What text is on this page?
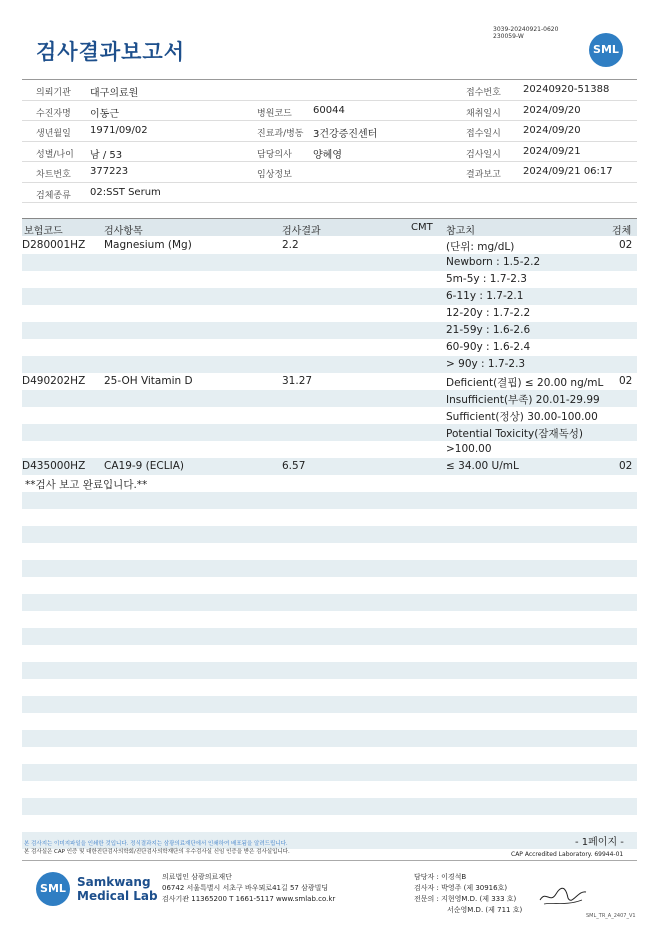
검사결과보고서
3039-20240921-0620
230059-W
SML
의뢰기관 대구의료원	접수번호 20240920-51388
수진자명 이동근	병원코드 60044	채취일시 2024/09/20
생년월일 1971/09/02	진료과/병동 3건강증진센터	접수일시 2024/09/20
성별/나이 남 / 53	담당의사 양혜영	검사일시 2024/09/21
차트번호 377223	임상정보	결과보고 2024/09/21 06:17
검체종류 02:SST Serum
보험코드	검사항목	검사결과	CMT 참고치	검체
D280001HZ Magnesium (Mg)	2.2	(단위: mg/dL)	02
Newborn : 1.5-2.2
5m-5y : 1.7-2.3
6-11y : 1.7-2.1
12-20y : 1.7-2.2
21-59y : 1.6-2.6
60-90y : 1.6-2.4
> 90y : 1.7-2.3
D490202HZ 25-OH Vitamin D	31.27	Deficient(결핍) ≤ 20.00 ng/mL 02
Insufficient(부족) 20.01-29.99
Sufficient(정상) 30.00-100.00
Potential Toxicity(잠재독성)
>100.00
D435000HZ CA19-9 (ECLIA)	6.57	≤ 34.00 U/mL	02
**검사 보고 완료입니다.**
본 검사지는 이미지파일을 인쇄한 것입니다. 정식결과지는 삼광의료재단에서 인쇄하여 배포됨을 알려드립니다.
본 검사실은 CAP 인증 및 대한진단검사의학회/진단검사의학재단의 우수검사실 신임 인증을 받은 검사실입니다.
- 1페이지 -
CAP Accredited Laboratory. 69944-01
SML Samkwang
Medical Lab
의료법인 삼광의료재단
06742 서울특별시 서초구 바우뫼로41길 57 삼광빌딩
검사기관 11365200 T 1661-5117 www.smlab.co.kr
담당자 : 이경석B
검사자 : 박영주 (제 30916호)
전문의 : 지현영M.D. (제 333 호)
서순영M.D. (제 711 호)
SML_TR_A_2407_V1
